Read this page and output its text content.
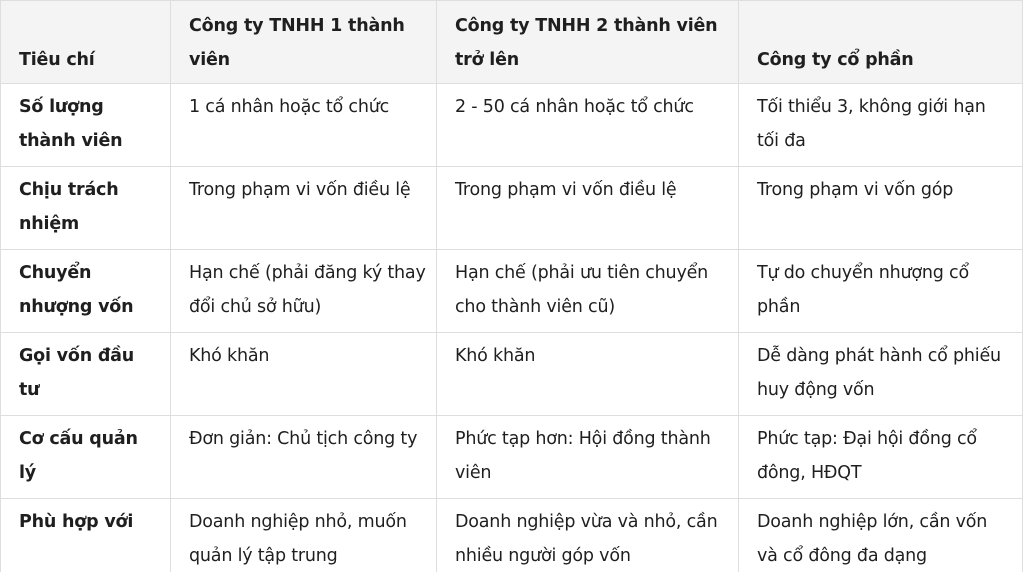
Tiêu chí	Công ty TNHH 1 thành viên	Công ty TNHH 2 thành viên trở lên	Công ty cổ phần
Số lượng thành viên	1 cá nhân hoặc tổ chức	2 - 50 cá nhân hoặc tổ chức	Tối thiểu 3, không giới hạn tối đa
Chịu trách nhiệm	Trong phạm vi vốn điều lệ	Trong phạm vi vốn điều lệ	Trong phạm vi vốn góp
Chuyển nhượng vốn	Hạn chế (phải đăng ký thay đổi chủ sở hữu)	Hạn chế (phải ưu tiên chuyển cho thành viên cũ)	Tự do chuyển nhượng cổ phần
Gọi vốn đầu tư	Khó khăn	Khó khăn	Dễ dàng phát hành cổ phiếu huy động vốn
Cơ cấu quản lý	Đơn giản: Chủ tịch công ty	Phức tạp hơn: Hội đồng thành viên	Phức tạp: Đại hội đồng cổ đông, HĐQT
Phù hợp với	Doanh nghiệp nhỏ, muốn quản lý tập trung	Doanh nghiệp vừa và nhỏ, cần nhiều người góp vốn	Doanh nghiệp lớn, cần vốn và cổ đông đa dạng
